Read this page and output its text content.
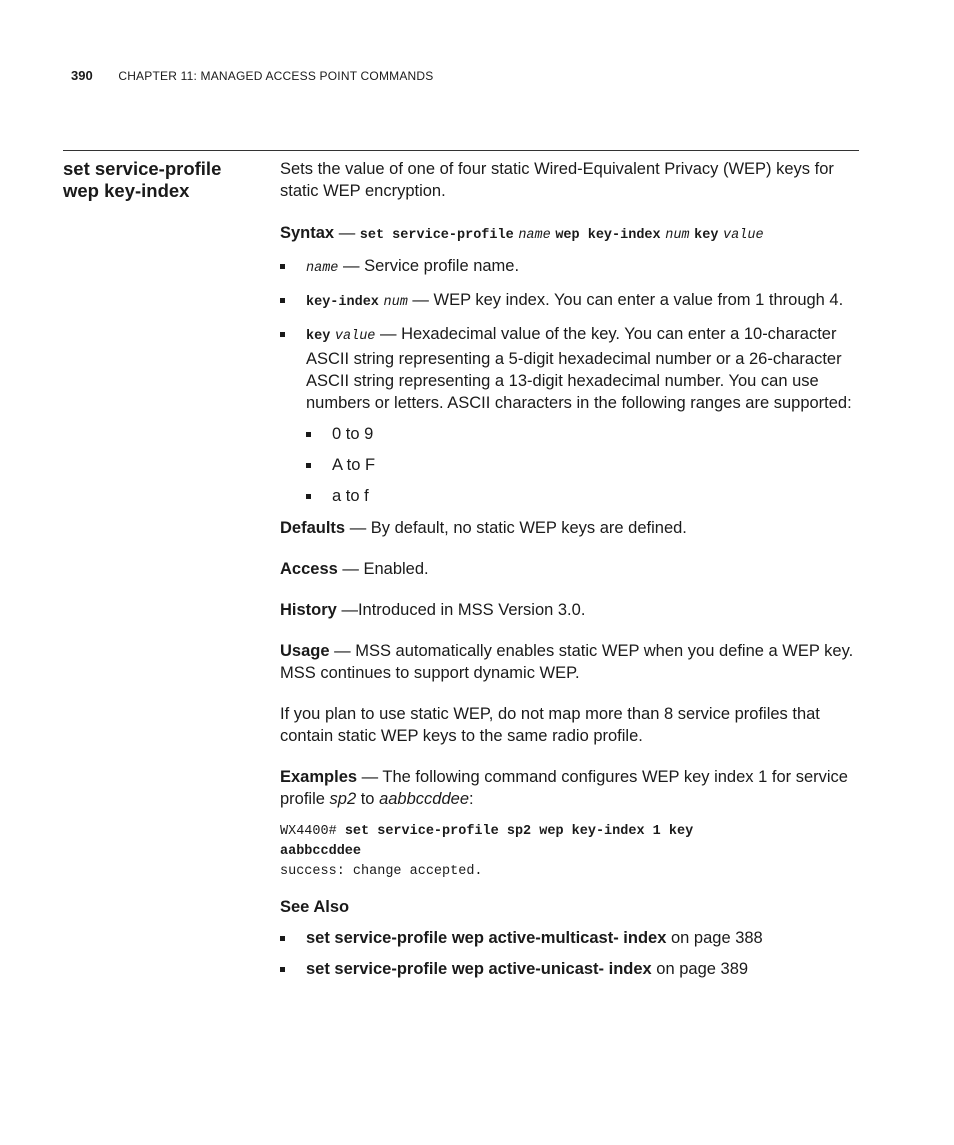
390 CHAPTER 11: MANAGED ACCESS POINT COMMANDS
set service-profile
wep key-index

Sets the value of one of four static Wired-Equivalent Privacy (WEP) keys for static WEP encryption.

Syntax — set service-profile name wep key-index num key value

name — Service profile name.
key-index num — WEP key index. You can enter a value from 1 through 4.
key value — Hexadecimal value of the key. You can enter a 10-character ASCII string representing a 5-digit hexadecimal number or a 26-character ASCII string representing a 13-digit hexadecimal number. You can use numbers or letters. ASCII characters in the following ranges are supported:
0 to 9
A to F
a to f

Defaults — By default, no static WEP keys are defined.

Access — Enabled.

History —Introduced in MSS Version 3.0.

Usage — MSS automatically enables static WEP when you define a WEP key. MSS continues to support dynamic WEP.

If you plan to use static WEP, do not map more than 8 service profiles that contain static WEP keys to the same radio profile.

Examples — The following command configures WEP key index 1 for service profile sp2 to aabbccddee:

WX4400# set service-profile sp2 wep key-index 1 key
aabbccddee
success: change accepted.
See Also
set service-profile wep active-multicast- index on page 388
set service-profile wep active-unicast- index on page 389
